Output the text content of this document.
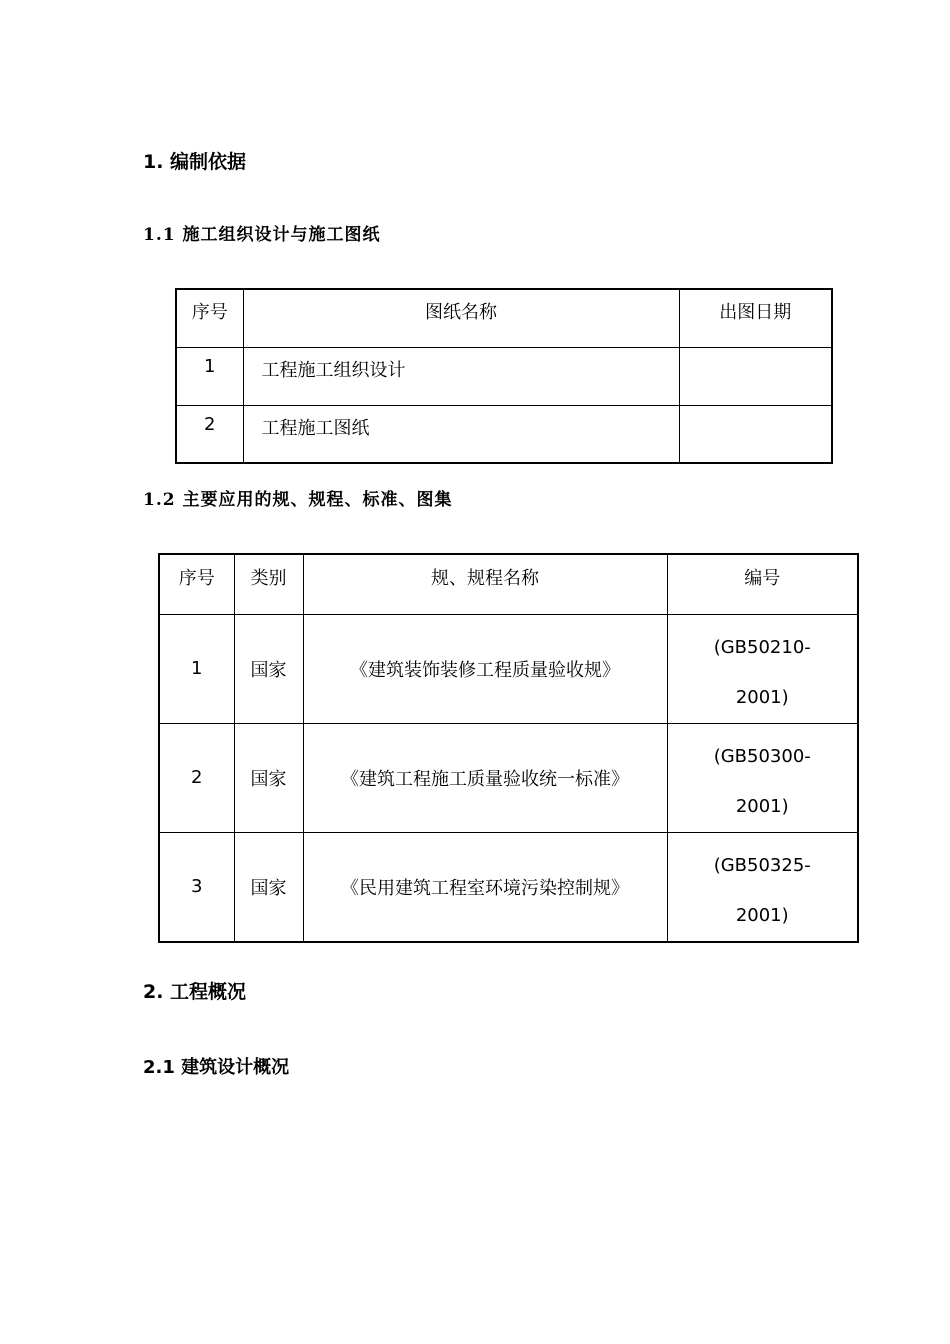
1. 编制依据
1.1 施工组织设计与施工图纸
序号	图纸名称	出图日期
1	工程施工组织设计	
2	工程施工图纸	
1.2 主要应用的规、规程、标准、图集
序号	类别	规、规程名称	编号
1	国家	《建筑装饰装修工程质量验收规》	(GB50210-
2001)

2	国家	《建筑工程施工质量验收统一标准》	(GB50300-
2001)

3	国家	《民用建筑工程室环境污染控制规》	(GB50325-
2001)
2. 工程概况
2.1 建筑设计概况
